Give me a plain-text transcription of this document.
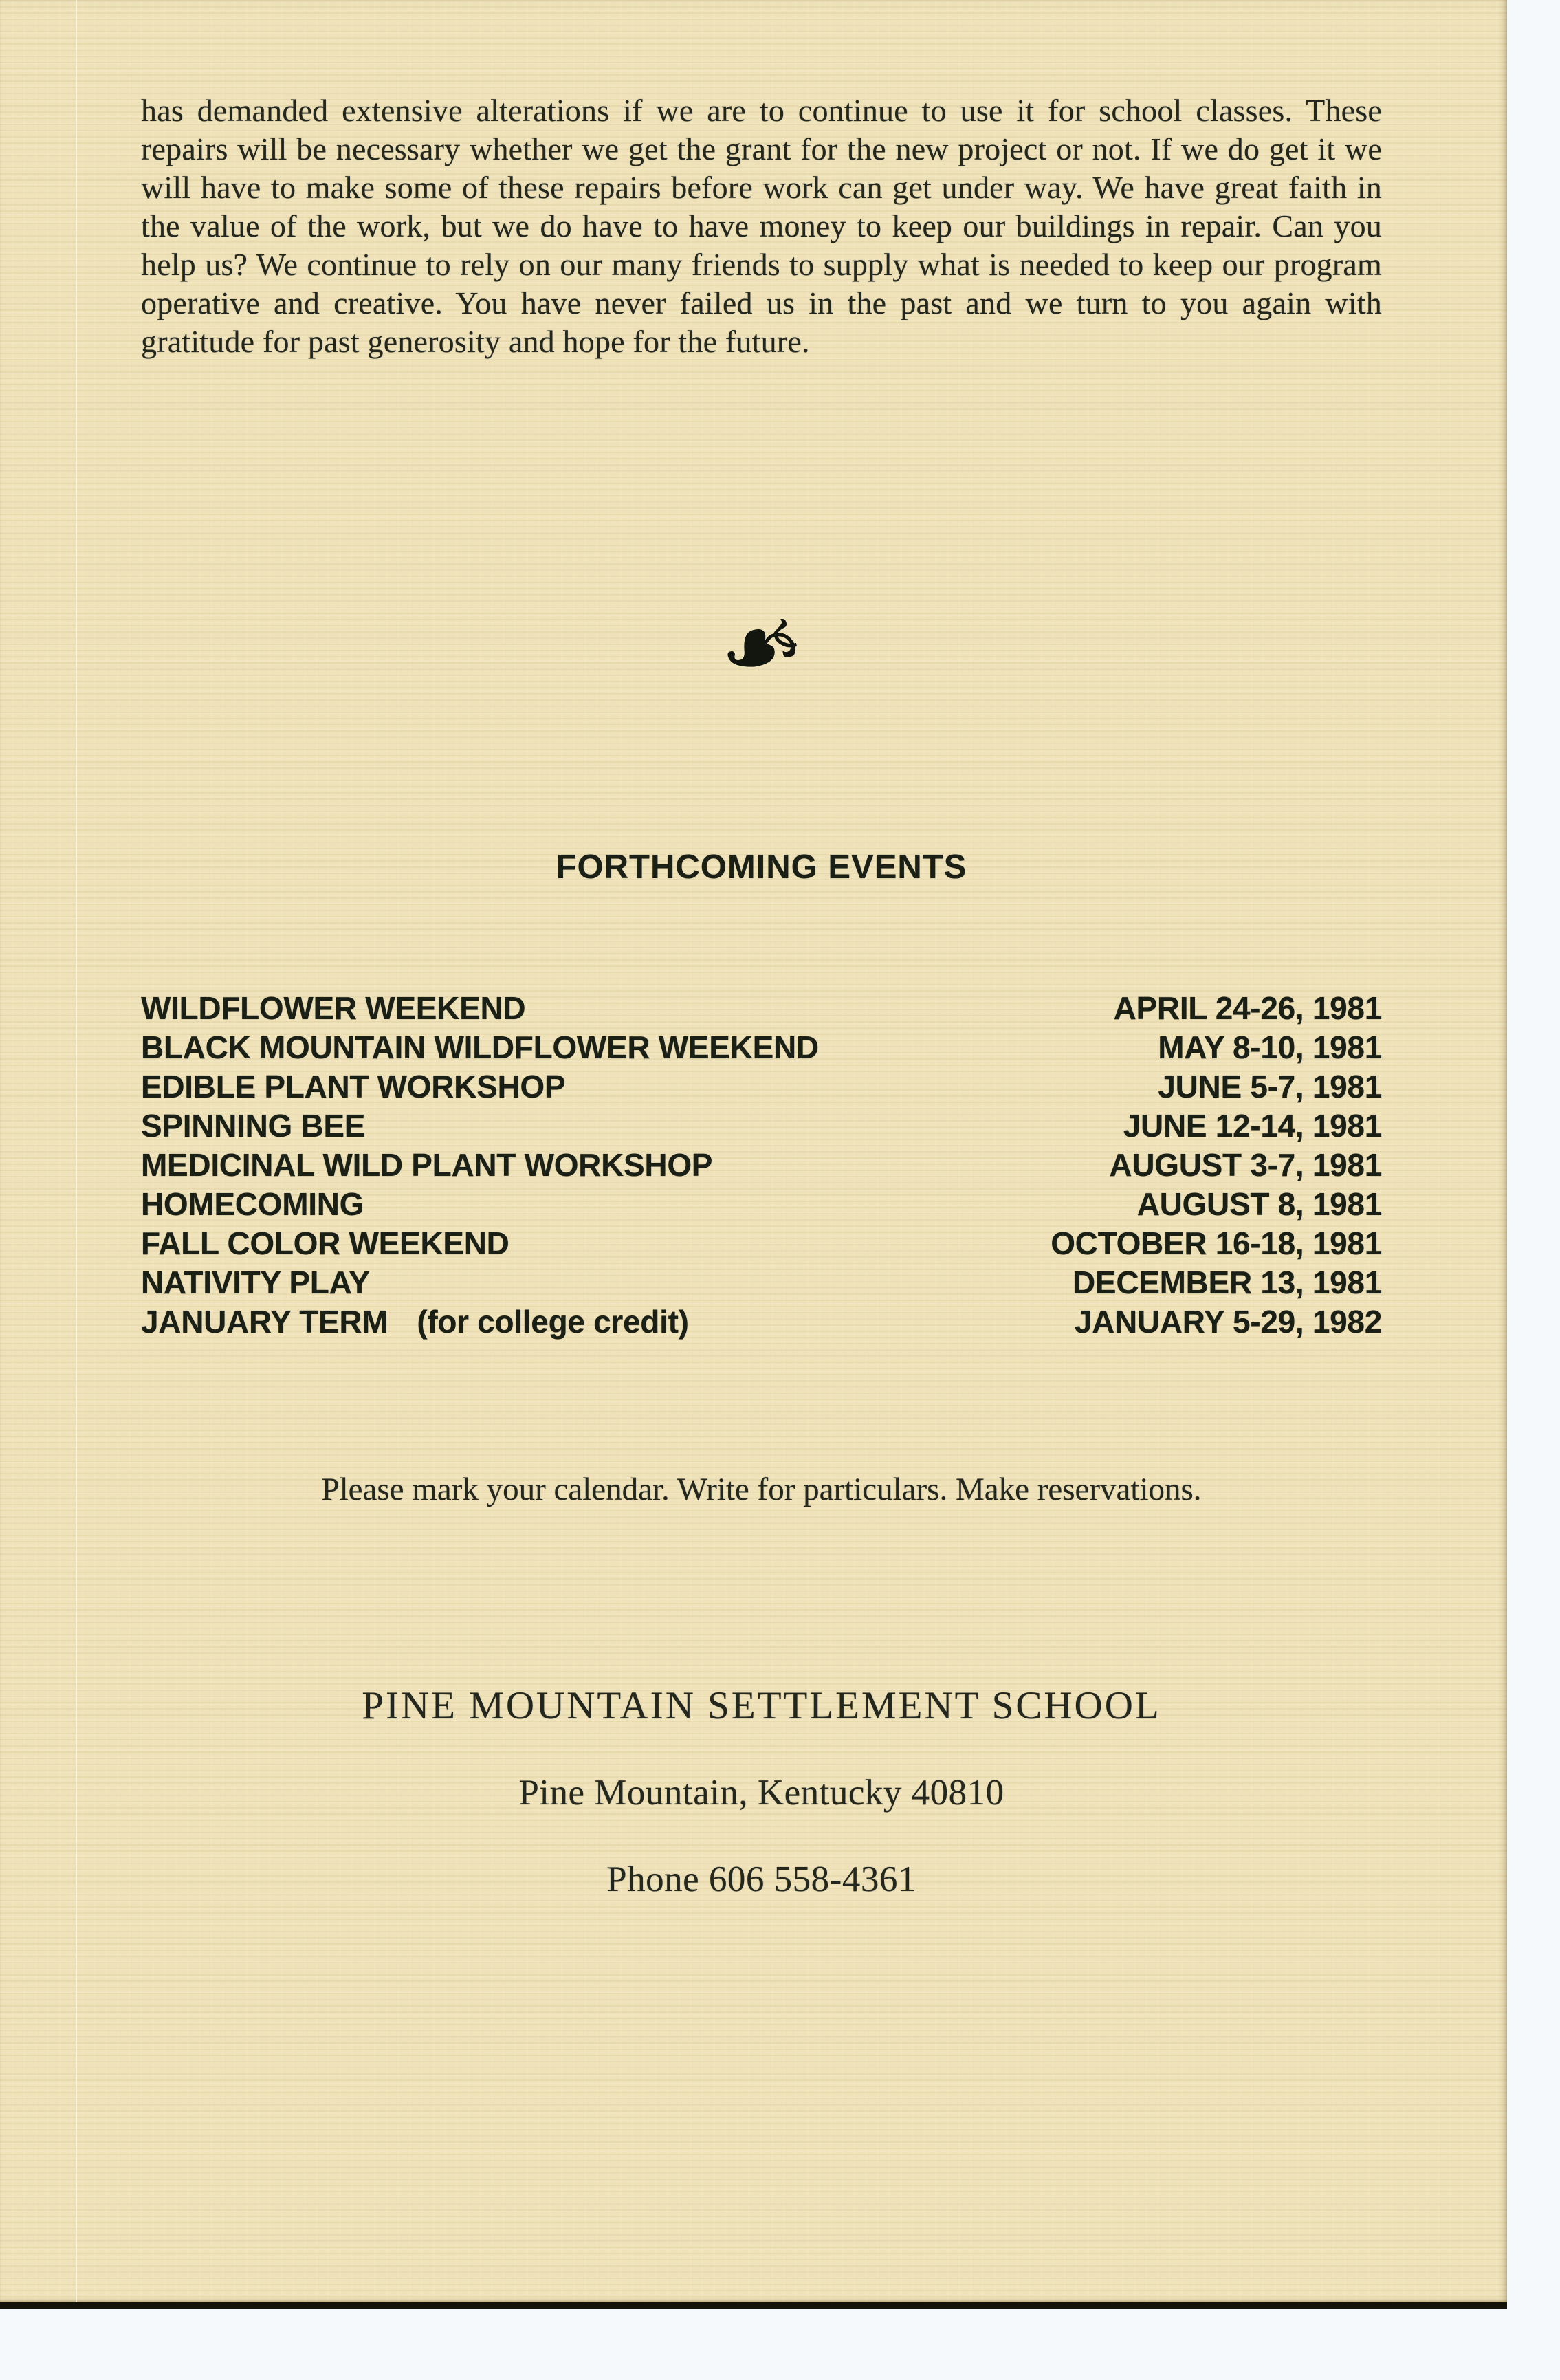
has demanded extensive alterations if we are to continue to use it for school classes. These repairs will be necessary whether we get the grant for the new project or not. If we do get it we will have to make some of these repairs before work can get under way. We have great faith in the value of the work, but we do have to have money to keep our buildings in repair. Can you help us? We continue to rely on our many friends to supply what is needed to keep our program operative and creative. You have never failed us in the past and we turn to you again with gratitude for past generosity and hope for the future.
❧
FORTHCOMING EVENTS
WILDFLOWER WEEKEND	APRIL 24-26, 1981
BLACK MOUNTAIN WILDFLOWER WEEKEND	MAY 8-10, 1981
EDIBLE PLANT WORKSHOP	JUNE 5-7, 1981
SPINNING BEE	JUNE 12-14, 1981
MEDICINAL WILD PLANT WORKSHOP	AUGUST 3-7, 1981
HOMECOMING	AUGUST 8, 1981
FALL COLOR WEEKEND	OCTOBER 16-18, 1981
NATIVITY PLAY	DECEMBER 13, 1981
JANUARY TERM (for college credit)	JANUARY 5-29, 1982
Please mark your calendar. Write for particulars. Make reservations.
PINE MOUNTAIN SETTLEMENT SCHOOL
Pine Mountain, Kentucky 40810
Phone 606 558-4361
